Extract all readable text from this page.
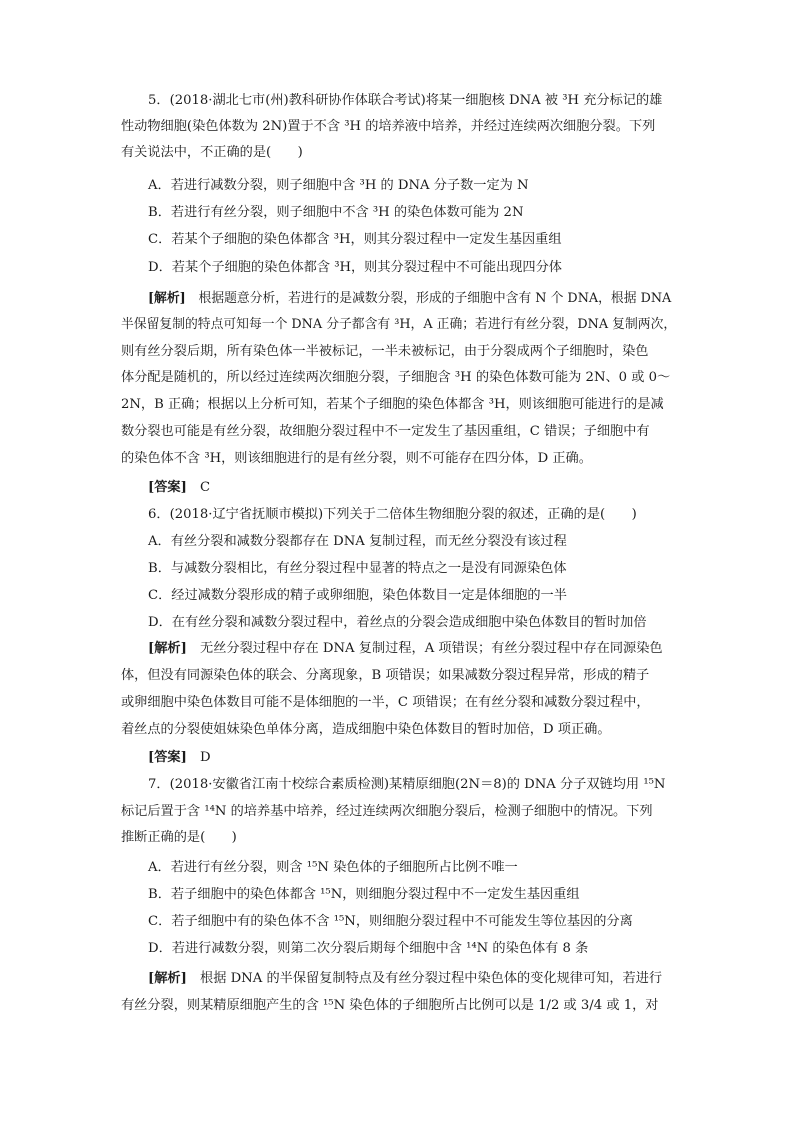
5．(2018·湖北七市(州)教科研协作体联合考试)将某一细胞核 DNA 被 ³H 充分标记的雄
性动物细胞(染色体数为 2N)置于不含 ³H 的培养液中培养，并经过连续两次细胞分裂。下列
有关说法中，不正确的是(　　)
A．若进行减数分裂，则子细胞中含 ³H 的 DNA 分子数一定为 N
B．若进行有丝分裂，则子细胞中不含 ³H 的染色体数可能为 2N
C．若某个子细胞的染色体都含 ³H，则其分裂过程中一定发生基因重组
D．若某个子细胞的染色体都含 ³H，则其分裂过程中不可能出现四分体
[解析]　根据题意分析，若进行的是减数分裂，形成的子细胞中含有 N 个 DNA，根据 DNA
半保留复制的特点可知每一个 DNA 分子都含有 ³H，A 正确；若进行有丝分裂，DNA 复制两次，
则有丝分裂后期，所有染色体一半被标记，一半未被标记，由于分裂成两个子细胞时，染色
体分配是随机的，所以经过连续两次细胞分裂，子细胞含 ³H 的染色体数可能为 2N、0 或 0～
2N，B 正确；根据以上分析可知，若某个子细胞的染色体都含 ³H，则该细胞可能进行的是减
数分裂也可能是有丝分裂，故细胞分裂过程中不一定发生了基因重组，C 错误；子细胞中有
的染色体不含 ³H，则该细胞进行的是有丝分裂，则不可能存在四分体，D 正确。
[答案]　C
6．(2018·辽宁省抚顺市模拟)下列关于二倍体生物细胞分裂的叙述，正确的是(　　)
A．有丝分裂和减数分裂都存在 DNA 复制过程，而无丝分裂没有该过程
B．与减数分裂相比，有丝分裂过程中显著的特点之一是没有同源染色体
C．经过减数分裂形成的精子或卵细胞，染色体数目一定是体细胞的一半
D．在有丝分裂和减数分裂过程中，着丝点的分裂会造成细胞中染色体数目的暂时加倍
[解析]　无丝分裂过程中存在 DNA 复制过程，A 项错误；有丝分裂过程中存在同源染色
体，但没有同源染色体的联会、分离现象，B 项错误；如果减数分裂过程异常，形成的精子
或卵细胞中染色体数目可能不是体细胞的一半，C 项错误；在有丝分裂和减数分裂过程中，
着丝点的分裂使姐妹染色单体分离，造成细胞中染色体数目的暂时加倍，D 项正确。
[答案]　D
7．(2018·安徽省江南十校综合素质检测)某精原细胞(2N＝8)的 DNA 分子双链均用 ¹⁵N
标记后置于含 ¹⁴N 的培养基中培养，经过连续两次细胞分裂后，检测子细胞中的情况。下列
推断正确的是(　　)
A．若进行有丝分裂，则含 ¹⁵N 染色体的子细胞所占比例不唯一
B．若子细胞中的染色体都含 ¹⁵N，则细胞分裂过程中不一定发生基因重组
C．若子细胞中有的染色体不含 ¹⁵N，则细胞分裂过程中不可能发生等位基因的分离
D．若进行减数分裂，则第二次分裂后期每个细胞中含 ¹⁴N 的染色体有 8 条
[解析]　根据 DNA 的半保留复制特点及有丝分裂过程中染色体的变化规律可知，若进行
有丝分裂，则某精原细胞产生的含 ¹⁵N 染色体的子细胞所占比例可以是 1/2 或 3/4 或 1，对
